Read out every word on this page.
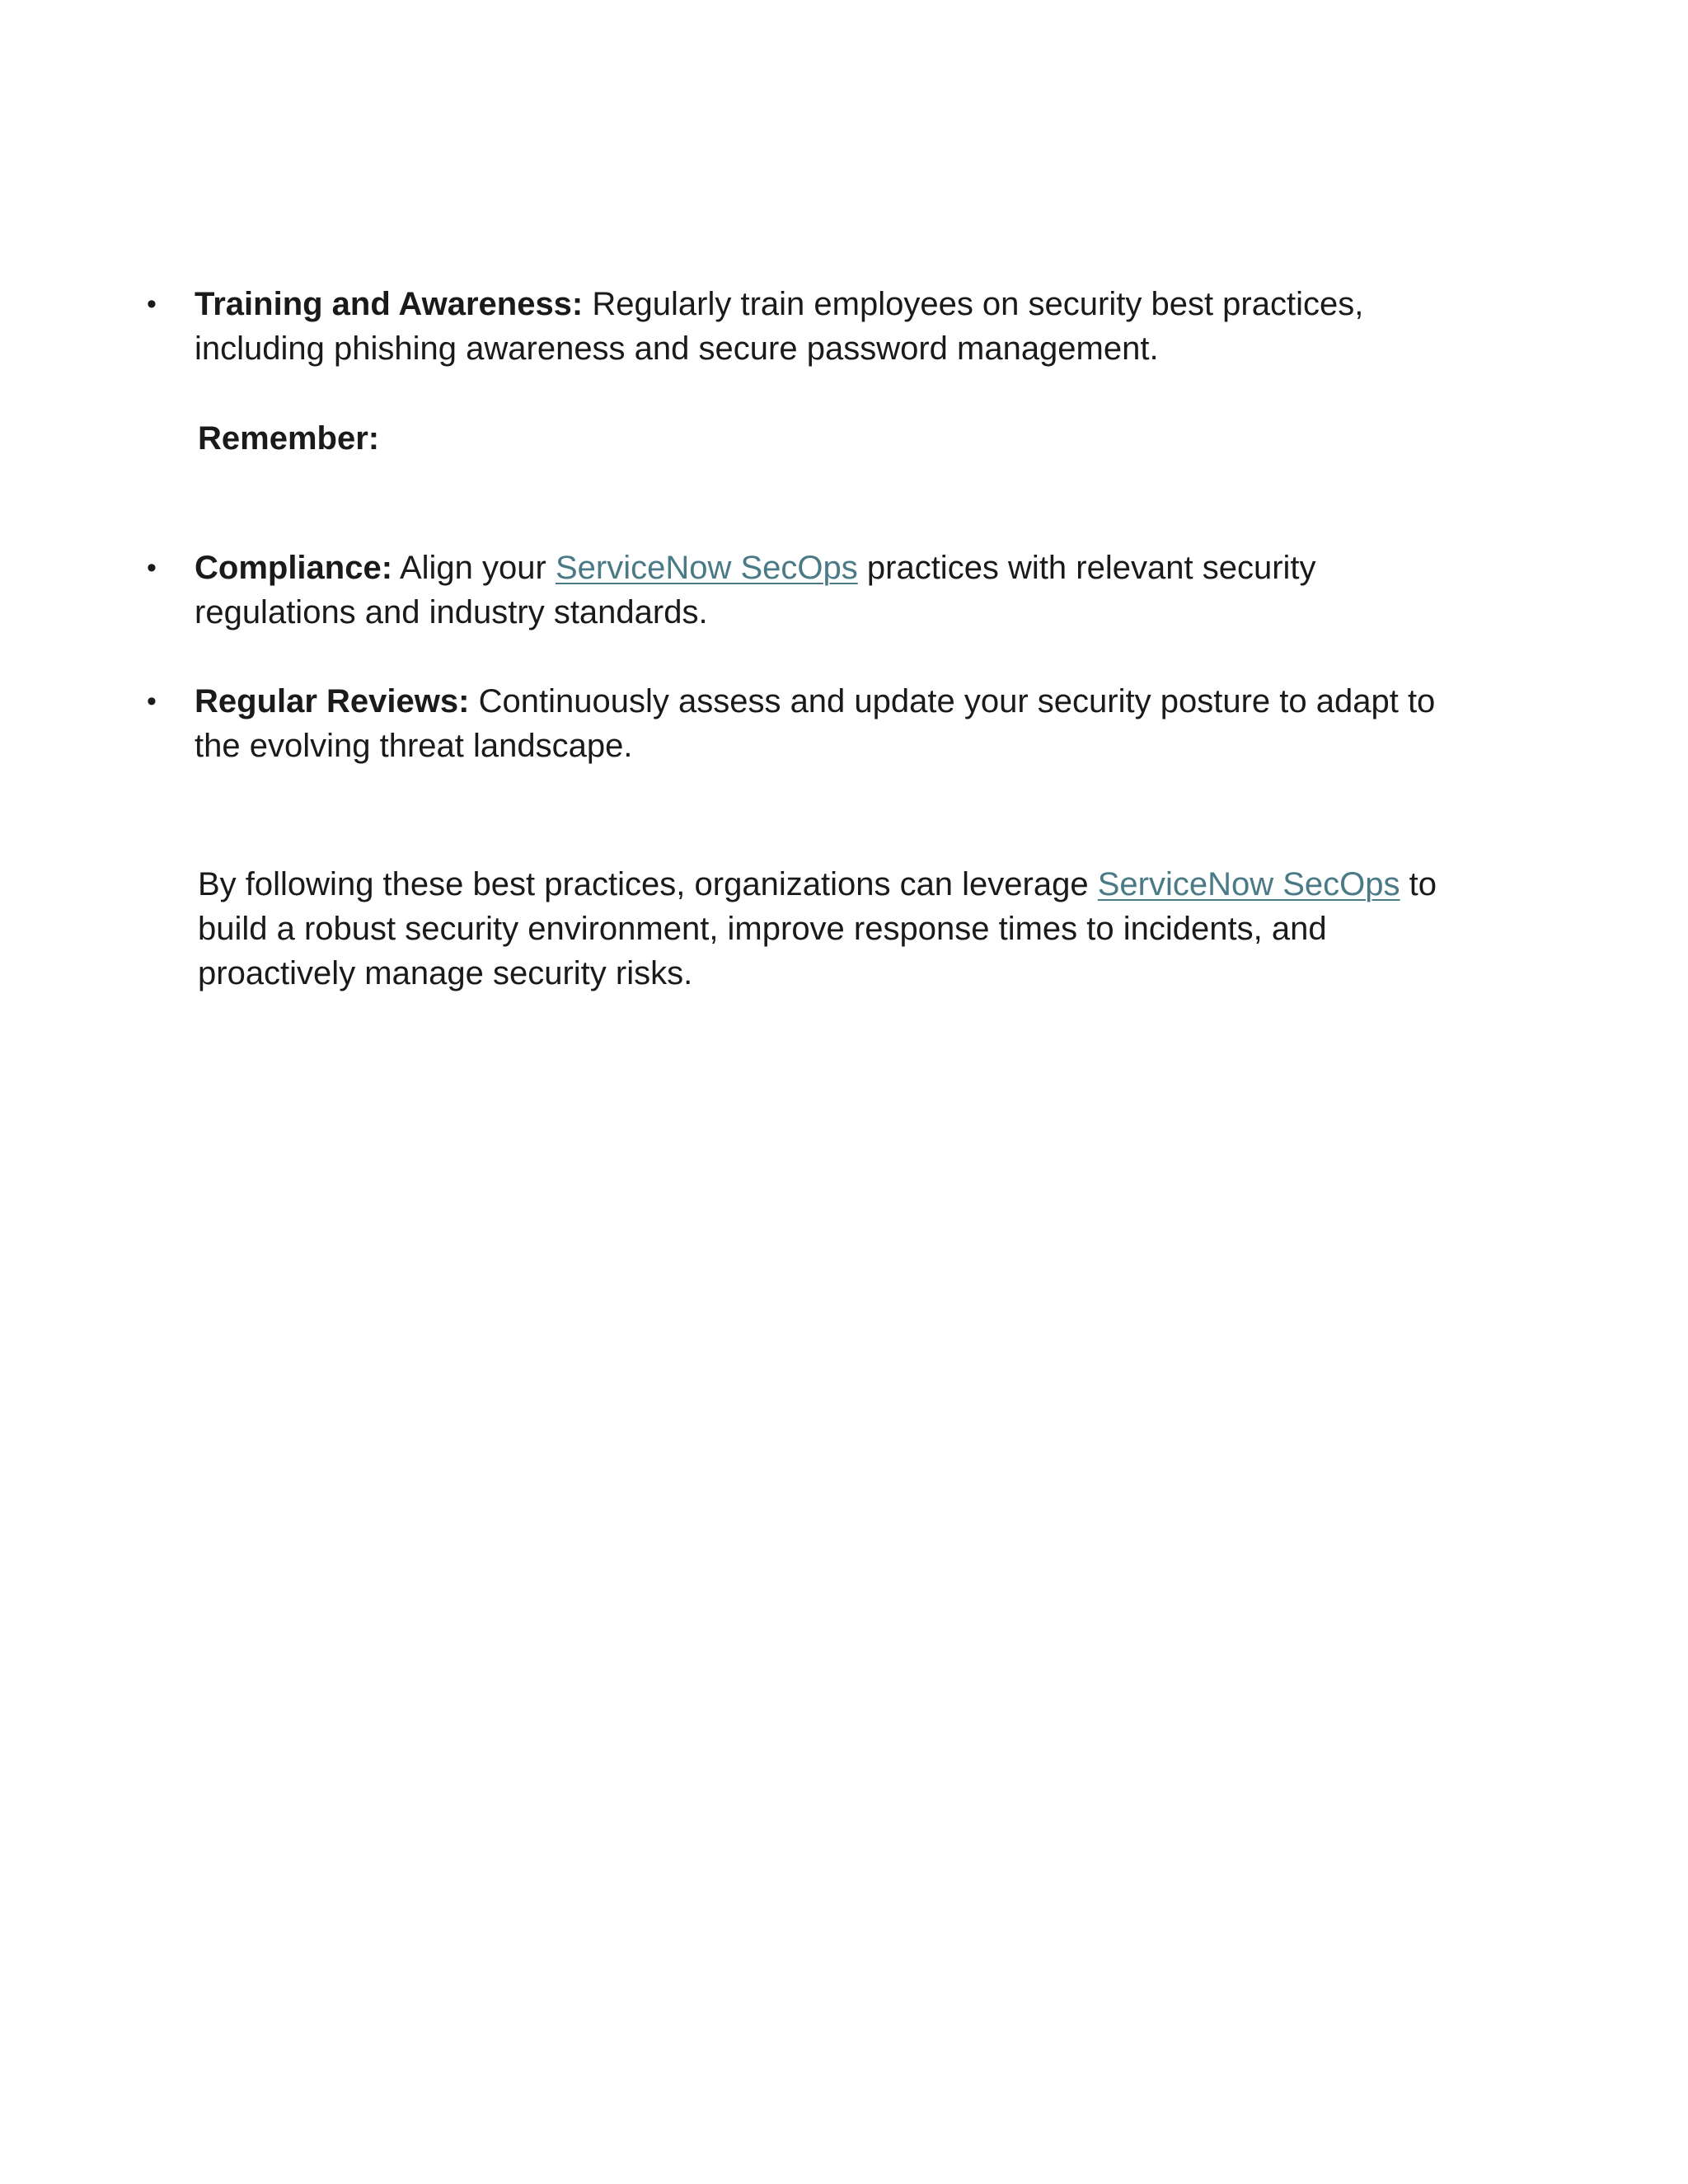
•	Training and Awareness: Regularly train employees on security best practices,
including phishing awareness and secure password management.
Remember:
•	Compliance: Align your ServiceNow SecOps practices with relevant security
regulations and industry standards.
•	Regular Reviews: Continuously assess and update your security posture to adapt to
the evolving threat landscape.
By following these best practices, organizations can leverage ServiceNow SecOps to
build a robust security environment, improve response times to incidents, and
proactively manage security risks.
